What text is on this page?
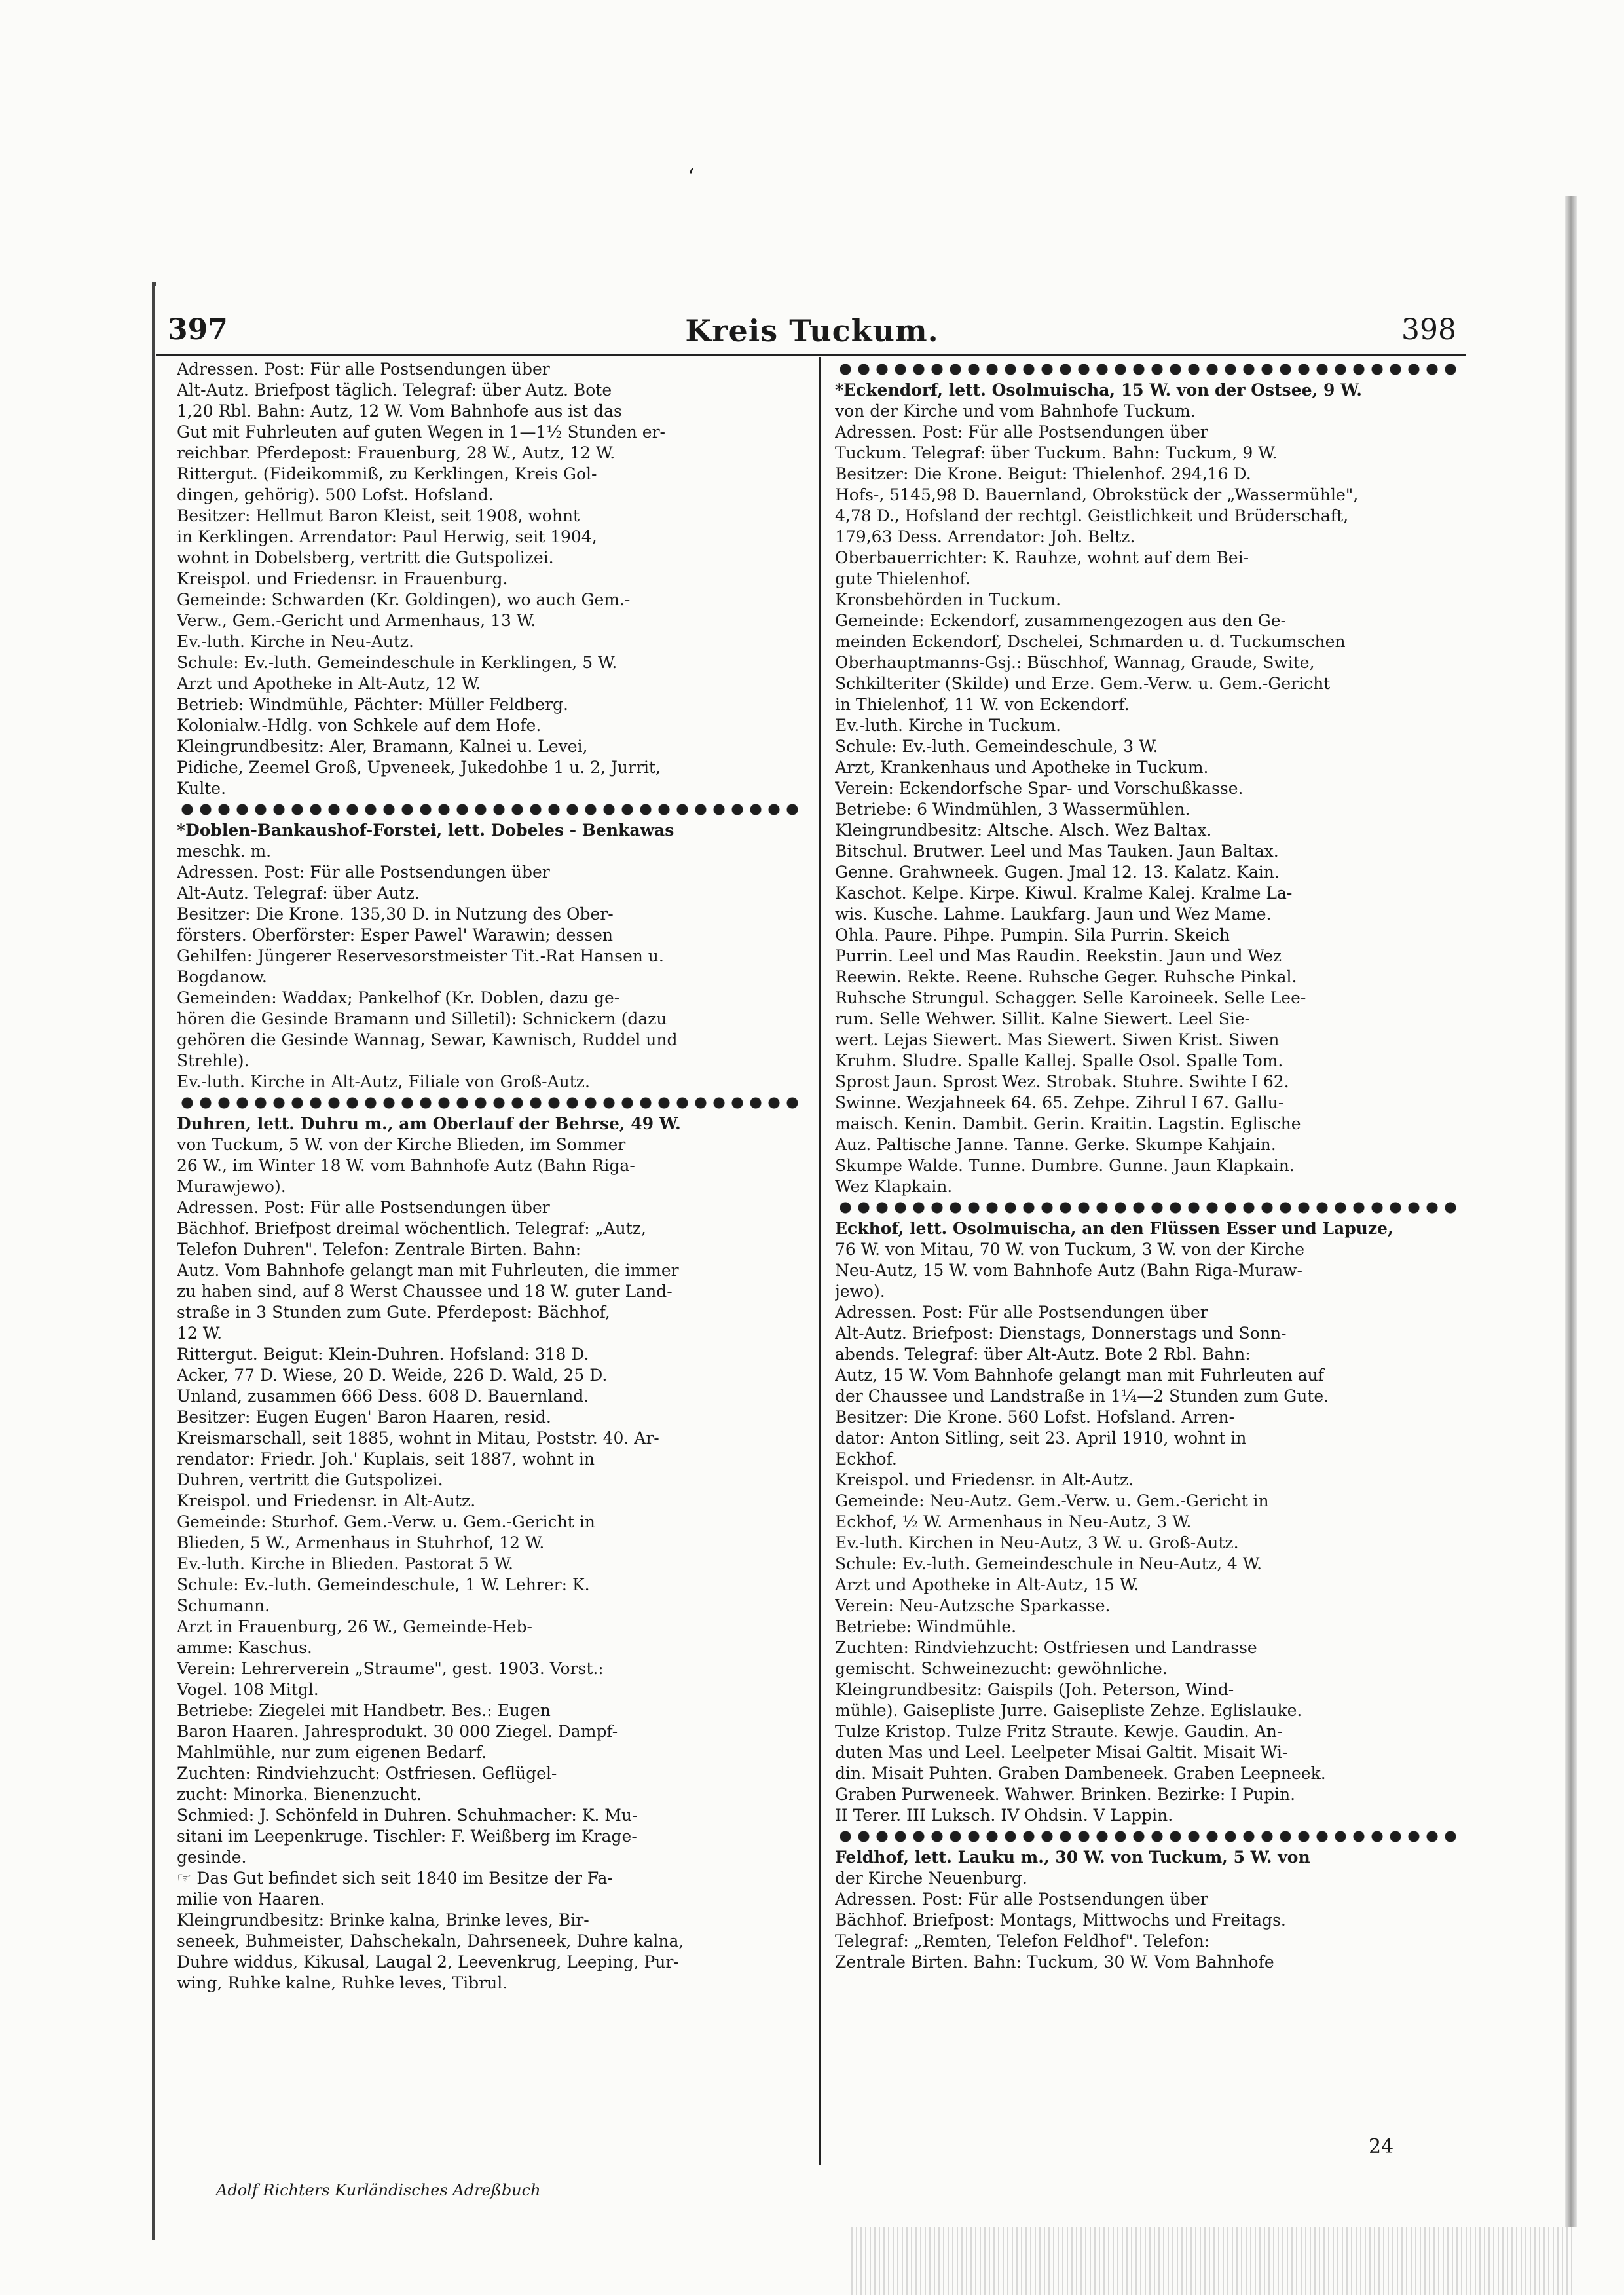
ʻ
397	Kreis Tuckum.	398
Adressen. Post: Für alle Postsendungen über
Alt-Autz. Briefpost täglich. Telegraf: über Autz. Bote
1,20 Rbl. Bahn: Autz, 12 W. Vom Bahnhofe aus ist das
Gut mit Fuhrleuten auf guten Wegen in 1—1½ Stunden er-
reichbar. Pferdepost: Frauenburg, 28 W., Autz, 12 W.
Rittergut. (Fideikommiß, zu Kerklingen, Kreis Gol-
dingen, gehörig). 500 Lofst. Hofsland.
Besitzer: Hellmut Baron Kleist, seit 1908, wohnt
in Kerklingen. Arrendator: Paul Herwig, seit 1904,
wohnt in Dobelsberg, vertritt die Gutspolizei.
Kreispol. und Friedensr. in Frauenburg.
Gemeinde: Schwarden (Kr. Goldingen), wo auch Gem.-
Verw., Gem.-Gericht und Armenhaus, 13 W.
Ev.-luth. Kirche in Neu-Autz.
Schule: Ev.-luth. Gemeindeschule in Kerklingen, 5 W.
Arzt und Apotheke in Alt-Autz, 12 W.
Betrieb: Windmühle, Pächter: Müller Feldberg.
Kolonialw.-Hdlg. von Schkele auf dem Hofe.
Kleingrundbesitz: Aler, Bramann, Kalnei u. Levei,
Pidiche, Zeemel Groß, Upveneek, Jukedohbe 1 u. 2, Jurrit,
Kulte.
*Doblen-Bankaushof-Forstei, lett. Dobeles - Benkawas
meschk. m.
Adressen. Post: Für alle Postsendungen über
Alt-Autz. Telegraf: über Autz.
Besitzer: Die Krone. 135,30 D. in Nutzung des Ober-
försters. Oberförster: Esper Pawel' Warawin; dessen
Gehilfen: Jüngerer Reservesorstmeister Tit.-Rat Hansen u.
Bogdanow.
Gemeinden: Waddax; Pankelhof (Kr. Doblen, dazu ge-
hören die Gesinde Bramann und Silletil): Schnickern (dazu
gehören die Gesinde Wannag, Sewar, Kawnisch, Ruddel und
Strehle).
Ev.-luth. Kirche in Alt-Autz, Filiale von Groß-Autz.
Duhren, lett. Duhru m., am Oberlauf der Behrse, 49 W.
von Tuckum, 5 W. von der Kirche Blieden, im Sommer
26 W., im Winter 18 W. vom Bahnhofe Autz (Bahn Riga-
Murawjewo).
Adressen. Post: Für alle Postsendungen über
Bächhof. Briefpost dreimal wöchentlich. Telegraf: „Autz,
Telefon Duhren". Telefon: Zentrale Birten. Bahn:
Autz. Vom Bahnhofe gelangt man mit Fuhrleuten, die immer
zu haben sind, auf 8 Werst Chaussee und 18 W. guter Land-
straße in 3 Stunden zum Gute. Pferdepost: Bächhof,
12 W.
Rittergut. Beigut: Klein-Duhren. Hofsland: 318 D.
Acker, 77 D. Wiese, 20 D. Weide, 226 D. Wald, 25 D.
Unland, zusammen 666 Dess. 608 D. Bauernland.
Besitzer: Eugen Eugen' Baron Haaren, resid.
Kreismarschall, seit 1885, wohnt in Mitau, Poststr. 40. Ar-
rendator: Friedr. Joh.' Kuplais, seit 1887, wohnt in
Duhren, vertritt die Gutspolizei.
Kreispol. und Friedensr. in Alt-Autz.
Gemeinde: Sturhof. Gem.-Verw. u. Gem.-Gericht in
Blieden, 5 W., Armenhaus in Stuhrhof, 12 W.
Ev.-luth. Kirche in Blieden. Pastorat 5 W.
Schule: Ev.-luth. Gemeindeschule, 1 W. Lehrer: K.
Schumann.
Arzt in Frauenburg, 26 W., Gemeinde-Heb-
amme: Kaschus.
Verein: Lehrerverein „Straume", gest. 1903. Vorst.:
Vogel. 108 Mitgl.
Betriebe: Ziegelei mit Handbetr. Bes.: Eugen
Baron Haaren. Jahresprodukt. 30 000 Ziegel. Dampf-
Mahlmühle, nur zum eigenen Bedarf.
Zuchten: Rindviehzucht: Ostfriesen. Geflügel-
zucht: Minorka. Bienenzucht.
Schmied: J. Schönfeld in Duhren. Schuhmacher: K. Mu-
sitani im Leepenkruge. Tischler: F. Weißberg im Krage-
gesinde.
☞ Das Gut befindet sich seit 1840 im Besitze der Fa-
milie von Haaren.
Kleingrundbesitz: Brinke kalna, Brinke leves, Bir-
seneek, Buhmeister, Dahschekaln, Dahrseneek, Duhre kalna,
Duhre widdus, Kikusal, Laugal 2, Leevenkrug, Leeping, Pur-
wing, Ruhke kalne, Ruhke leves, Tibrul.
*Eckendorf, lett. Osolmuischa, 15 W. von der Ostsee, 9 W.
von der Kirche und vom Bahnhofe Tuckum.
Adressen. Post: Für alle Postsendungen über
Tuckum. Telegraf: über Tuckum. Bahn: Tuckum, 9 W.
Besitzer: Die Krone. Beigut: Thielenhof. 294,16 D.
Hofs-, 5145,98 D. Bauernland, Obrokstück der „Wassermühle",
4,78 D., Hofsland der rechtgl. Geistlichkeit und Brüderschaft,
179,63 Dess. Arrendator: Joh. Beltz.
Oberbauerrichter: K. Rauhze, wohnt auf dem Bei-
gute Thielenhof.
Kronsbehörden in Tuckum.
Gemeinde: Eckendorf, zusammengezogen aus den Ge-
meinden Eckendorf, Dschelei, Schmarden u. d. Tuckumschen
Oberhauptmanns-Gsj.: Büschhof, Wannag, Graude, Swite,
Schkilteriter (Skilde) und Erze. Gem.-Verw. u. Gem.-Gericht
in Thielenhof, 11 W. von Eckendorf.
Ev.-luth. Kirche in Tuckum.
Schule: Ev.-luth. Gemeindeschule, 3 W.
Arzt, Krankenhaus und Apotheke in Tuckum.
Verein: Eckendorfsche Spar- und Vorschußkasse.
Betriebe: 6 Windmühlen, 3 Wassermühlen.
Kleingrundbesitz: Altsche. Alsch. Wez Baltax.
Bitschul. Brutwer. Leel und Mas Tauken. Jaun Baltax.
Genne. Grahwneek. Gugen. Jmal 12. 13. Kalatz. Kain.
Kaschot. Kelpe. Kirpe. Kiwul. Kralme Kalej. Kralme La-
wis. Kusche. Lahme. Laukfarg. Jaun und Wez Mame.
Ohla. Paure. Pihpe. Pumpin. Sila Purrin. Skeich
Purrin. Leel und Mas Raudin. Reekstin. Jaun und Wez
Reewin. Rekte. Reene. Ruhsche Geger. Ruhsche Pinkal.
Ruhsche Strungul. Schagger. Selle Karoineek. Selle Lee-
rum. Selle Wehwer. Sillit. Kalne Siewert. Leel Sie-
wert. Lejas Siewert. Mas Siewert. Siwen Krist. Siwen
Kruhm. Sludre. Spalle Kallej. Spalle Osol. Spalle Tom.
Sprost Jaun. Sprost Wez. Strobak. Stuhre. Swihte I 62.
Swinne. Wezjahneek 64. 65. Zehpe. Zihrul I 67. Gallu-
maisch. Kenin. Dambit. Gerin. Kraitin. Lagstin. Eglische
Auz. Paltische Janne. Tanne. Gerke. Skumpe Kahjain.
Skumpe Walde. Tunne. Dumbre. Gunne. Jaun Klapkain.
Wez Klapkain.
Eckhof, lett. Osolmuischa, an den Flüssen Esser und Lapuze,
76 W. von Mitau, 70 W. von Tuckum, 3 W. von der Kirche
Neu-Autz, 15 W. vom Bahnhofe Autz (Bahn Riga-Muraw-
jewo).
Adressen. Post: Für alle Postsendungen über
Alt-Autz. Briefpost: Dienstags, Donnerstags und Sonn-
abends. Telegraf: über Alt-Autz. Bote 2 Rbl. Bahn:
Autz, 15 W. Vom Bahnhofe gelangt man mit Fuhrleuten auf
der Chaussee und Landstraße in 1¼—2 Stunden zum Gute.
Besitzer: Die Krone. 560 Lofst. Hofsland. Arren-
dator: Anton Sitling, seit 23. April 1910, wohnt in
Eckhof.
Kreispol. und Friedensr. in Alt-Autz.
Gemeinde: Neu-Autz. Gem.-Verw. u. Gem.-Gericht in
Eckhof, ½ W. Armenhaus in Neu-Autz, 3 W.
Ev.-luth. Kirchen in Neu-Autz, 3 W. u. Groß-Autz.
Schule: Ev.-luth. Gemeindeschule in Neu-Autz, 4 W.
Arzt und Apotheke in Alt-Autz, 15 W.
Verein: Neu-Autzsche Sparkasse.
Betriebe: Windmühle.
Zuchten: Rindviehzucht: Ostfriesen und Landrasse
gemischt. Schweinezucht: gewöhnliche.
Kleingrundbesitz: Gaispils (Joh. Peterson, Wind-
mühle). Gaisepliste Jurre. Gaisepliste Zehze. Eglislauke.
Tulze Kristop. Tulze Fritz Straute. Kewje. Gaudin. An-
duten Mas und Leel. Leelpeter Misai Galtit. Misait Wi-
din. Misait Puhten. Graben Dambeneek. Graben Leepneek.
Graben Purweneek. Wahwer. Brinken. Bezirke: I Pupin.
II Terer. III Luksch. IV Ohdsin. V Lappin.
Feldhof, lett. Lauku m., 30 W. von Tuckum, 5 W. von
der Kirche Neuenburg.
Adressen. Post: Für alle Postsendungen über
Bächhof. Briefpost: Montags, Mittwochs und Freitags.
Telegraf: „Remten, Telefon Feldhof". Telefon:
Zentrale Birten. Bahn: Tuckum, 30 W. Vom Bahnhofe
24
Adolf Richters Kurländisches Adreßbuch
